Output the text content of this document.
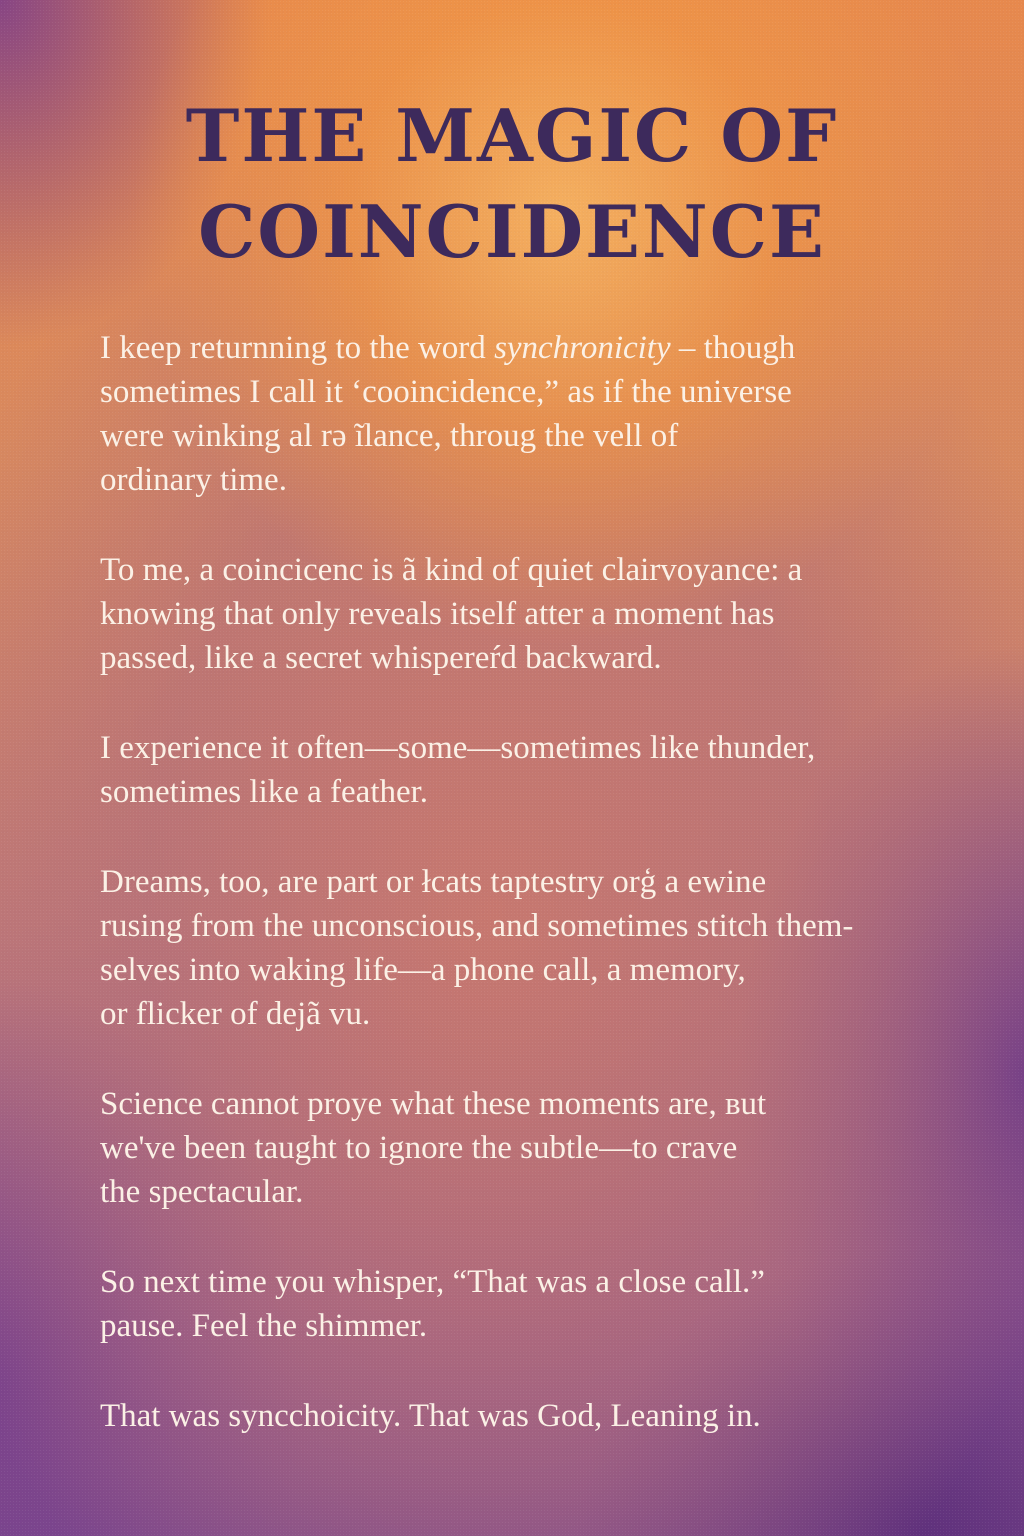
THE MAGIC OF
COINCIDENCE

I keep returnning to the word synchronicity – though
sometimes I call it ‘cooincidence,” as if the universe
were winking al rə ĩlance, throug the vell of
ordinary time.

To me, a coincicenc is ã kind of quiet clairvoyance: a
knowing that only reveals itself atter a moment has
passed, like a secret whispereŕd backward.

I experience it often—some—sometimes like thunder,
sometimes like a feather.

Dreams, too, are part or łcats taptestry orģ a ewine
rusing from the unconscious, and sometimes stitch them-
selves into waking life—a phone call, a memory,
or flicker of dejã vu.

Science cannot proye what these moments are, вut
we've been taught to ignore the subtle—to crave
the spectacular.

So next time you whisper, “That was a close call.”
pause. Feel the shimmer.

That was syncchoicity. That was God, Leaning in.
